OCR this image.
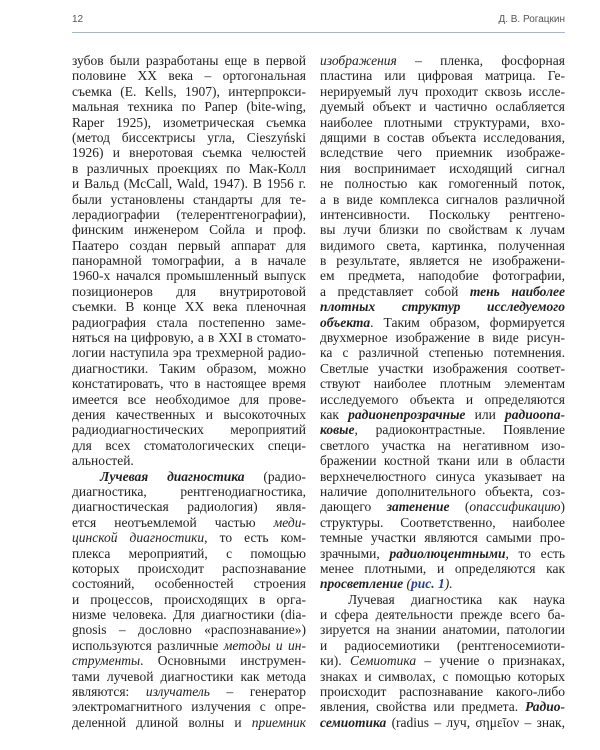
12	Д. В. Рогацкин
зубов были разработаны еще в первой
половине XX века – ортогональная
съемка (E. Kells, 1907), интерпрокси-
мальная техника по Рапер (bite-wing,
Raper 1925), изометрическая съемка
(метод биссектрисы угла, Cieszyński
1926) и внеротовая съемка челюстей
в различных проекциях по Мак-Колл
и Вальд (McCall, Wald, 1947). В 1956 г.
были установлены стандарты для те-
лерадиографии (телерентгенографии),
финским инженером Сойла и проф.
Паатеро создан первый аппарат для
панорамной томографии, а в начале
1960-х начался промышленный выпуск
позиционеров для внутриротовой
съемки. В конце XX века пленочная
радиография стала постепенно заме-
няться на цифровую, а в XXI в стомато-
логии наступила эра трехмерной радио-
диагностики. Таким образом, можно
констатировать, что в настоящее время
имеется все необходимое для прове-
дения качественных и высокоточных
радиодиагностических мероприятий
для всех стоматологических специ-
альностей.
Лучевая диагностика (радио-
диагностика, рентгенодиагностика,
диагностическая радиология) явля-
ется неотъемлемой частью меди-
цинской диагностики, то есть ком-
плекса мероприятий, с помощью
которых происходит распознавание
состояний, особенностей строения
и процессов, происходящих в орга-
низме человека. Для диагностики (dia-
gnosis – дословно «распознавание»)
используются различные методы и ин-
струменты. Основными инструмен-
тами лучевой диагностики как метода
являются: излучатель – генератор
электромагнитного излучения с опре-
деленной длиной волны и приемник
изображения – пленка, фосфорная
пластина или цифровая матрица. Ге-
нерируемый луч проходит сквозь иссле-
дуемый объект и частично ослабляется
наиболее плотными структурами, вхо-
дящими в состав объекта исследования,
вследствие чего приемник изображе-
ния воспринимает исходящий сигнал
не полностью как гомогенный поток,
а в виде комплекса сигналов различной
интенсивности. Поскольку рентгено-
вы лучи близки по свойствам к лучам
видимого света, картинка, полученная
в результате, является не изображени-
ем предмета, наподобие фотографии,
а представляет собой тень наиболее
плотных структур исследуемого
объекта. Таким образом, формируется
двухмерное изображение в виде рисун-
ка с различной степенью потемнения.
Светлые участки изображения соответ-
ствуют наиболее плотным элементам
исследуемого объекта и определяются
как радионепрозрачные или радиоопа-
ковые, радиоконтрастные. Появление
светлого участка на негативном изо-
бражении костной ткани или в области
верхнечелюстного синуса указывает на
наличие дополнительного объекта, соз-
дающего затенение (опассификацию)
структуры. Соответственно, наиболее
темные участки являются самыми про-
зрачными, радиолюцентными, то есть
менее плотными, и определяются как
просветление (рис. 1).
Лучевая диагностика как наука
и сфера деятельности прежде всего ба-
зируется на знании анатомии, патологии
и радиосемиотики (рентгеносемиоти-
ки). Семиотика – учение о признаках,
знаках и символах, с помощью которых
происходит распознавание какого-либо
явления, свойства или предмета. Радио-
семиотика (radius – луч, σημεῖον – знак,
